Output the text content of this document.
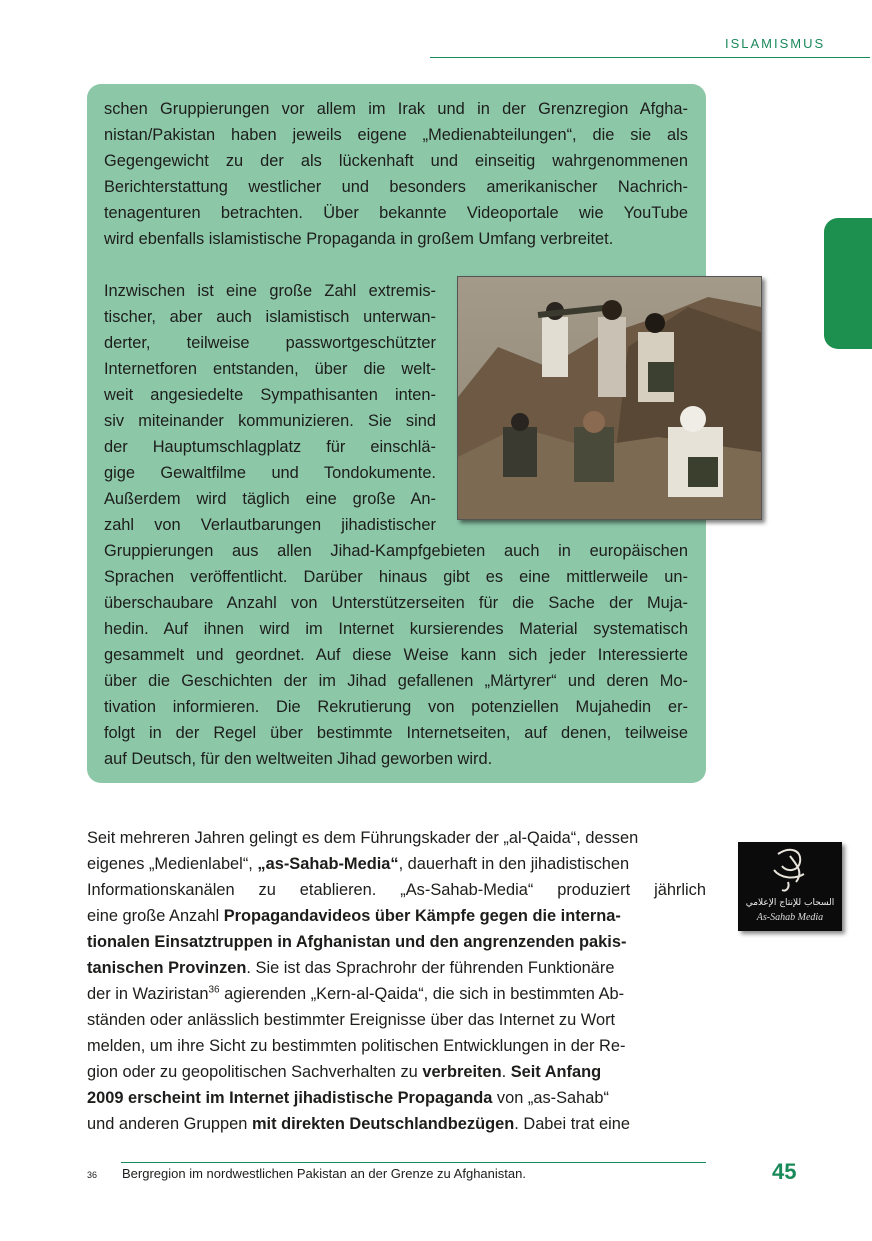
ISLAMISMUS
schen Gruppierungen vor allem im Irak und in der Grenzregion Afgha-
nistan/Pakistan haben jeweils eigene „Medienabteilungen“, die sie als
Gegengewicht zu der als lückenhaft und einseitig wahrgenommenen
Berichterstattung westlicher und besonders amerikanischer Nachrich-
tenagenturen betrachten. Über bekannte Videoportale wie YouTube
wird ebenfalls islamistische Propaganda in großem Umfang verbreitet.
Inzwischen ist eine große Zahl extremis-
tischer, aber auch islamistisch unterwan-
derter, teilweise passwortgeschützter
Internetforen entstanden, über die welt-
weit angesiedelte Sympathisanten inten-
siv miteinander kommunizieren. Sie sind
der Hauptumschlagplatz für einschlä-
gige Gewaltfilme und Tondokumente.
Außerdem wird täglich eine große An-
zahl von Verlautbarungen jihadistischer
Gruppierungen aus allen Jihad-Kampfgebieten auch in europäischen
Sprachen veröffentlicht. Darüber hinaus gibt es eine mittlerweile un-
überschaubare Anzahl von Unterstützerseiten für die Sache der Muja-
hedin. Auf ihnen wird im Internet kursierendes Material systematisch
gesammelt und geordnet. Auf diese Weise kann sich jeder Interessierte
über die Geschichten der im Jihad gefallenen „Märtyrer“ und deren Mo-
tivation informieren. Die Rekrutierung von potenziellen Mujahedin er-
folgt in der Regel über bestimmte Internetseiten, auf denen, teilweise
auf Deutsch, für den weltweiten Jihad geworben wird.
Seit mehreren Jahren gelingt es dem Führungskader der „al-Qaida“, dessen
eigenes „Medienlabel“, „as-Sahab-Media“, dauerhaft in den jihadistischen
Informationskanälen zu etablieren. „As-Sahab-Media“ produziert jährlich
eine große Anzahl Propagandavideos über Kämpfe gegen die interna-
tionalen Einsatztruppen in Afghanistan und den angrenzenden pakis-
tanischen Provinzen. Sie ist das Sprachrohr der führenden Funktionäre
der in Waziristan$^{36}$ agierenden „Kern-al-Qaida“, die sich in bestimmten Ab-
ständen oder anlässlich bestimmter Ereignisse über das Internet zu Wort
melden, um ihre Sicht zu bestimmten politischen Entwicklungen in der Re-
gion oder zu geopolitischen Sachverhalten zu verbreiten. Seit Anfang
2009 erscheint im Internet jihadistische Propaganda von „as-Sahab“
und anderen Gruppen mit direkten Deutschlandbezügen. Dabei trat eine
السحاب للإنتاج الإعلامي
As-Sahab Media
36 Bergregion im nordwestlichen Pakistan an der Grenze zu Afghanistan.	45
